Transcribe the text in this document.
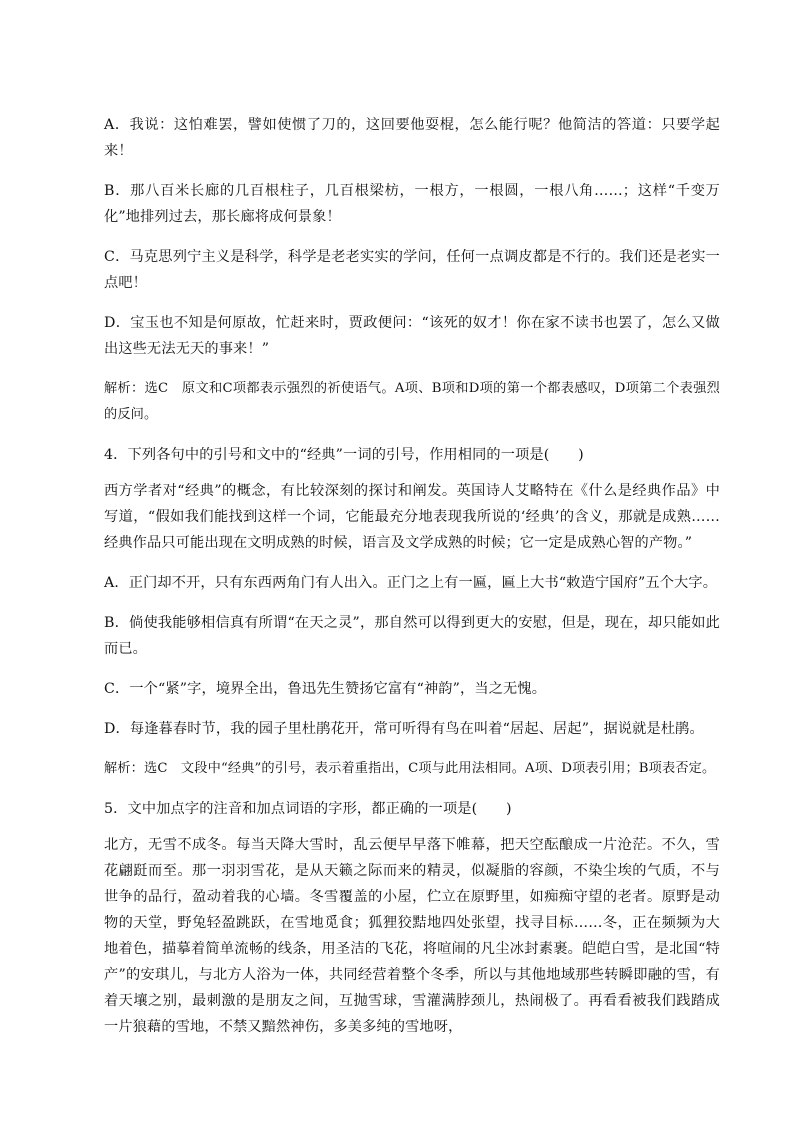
A．我说：这怕难罢，譬如使惯了刀的，这回要他耍棍，怎么能行呢？他简洁的答道：只要学起来！

B．那八百米长廊的几百根柱子，几百根梁枋，一根方，一根圆，一根八角……；这样“千变万化”地排列过去，那长廊将成何景象！

C．马克思列宁主义是科学，科学是老老实实的学问，任何一点调皮都是不行的。我们还是老实一点吧！

D．宝玉也不知是何原故，忙赶来时，贾政便问：“该死的奴才！你在家不读书也罢了，怎么又做出这些无法无天的事来！”

解析：选C　原文和C项都表示强烈的祈使语气。A项、B项和D项的第一个都表感叹，D项第二个表强烈的反问。

4．下列各句中的引号和文中的“经典”一词的引号，作用相同的一项是(　　)

西方学者对“经典”的概念，有比较深刻的探讨和阐发。英国诗人艾略特在《什么是经典作品》中写道，“假如我们能找到这样一个词，它能最充分地表现我所说的‘经典’的含义，那就是成熟……经典作品只可能出现在文明成熟的时候，语言及文学成熟的时候；它一定是成熟心智的产物。”

A．正门却不开，只有东西两角门有人出入。正门之上有一匾，匾上大书“敕造宁国府”五个大字。

B．倘使我能够相信真有所谓“在天之灵”，那自然可以得到更大的安慰，但是，现在，却只能如此而已。

C．一个“紧”字，境界全出，鲁迅先生赞扬它富有“神韵”，当之无愧。

D．每逢暮春时节，我的园子里杜鹃花开，常可听得有鸟在叫着“居起、居起”，据说就是杜鹃。

解析：选C　文段中“经典”的引号，表示着重指出，C项与此用法相同。A项、D项表引用；B项表否定。

5．文中加点字的注音和加点词语的字形，都正确的一项是(　　)

北方，无雪不成冬。每当天降大雪时，乱云便早早落下帷幕，把天空酝酿成一片沧茫。不久，雪花翩跹而至。那一羽羽雪花，是从天籁之际而来的精灵，似凝脂的容颜，不染尘埃的气质，不与世争的品行，盈动着我的心墙。冬雪覆盖的小屋，伫立在原野里，如痴痴守望的老者。原野是动物的天堂，野兔轻盈跳跃，在雪地觅食；狐狸狡黠地四处张望，找寻目标……冬，正在频频为大地着色，描摹着简单流畅的线条，用圣洁的飞花，将喧闹的凡尘冰封素裹。皑皑白雪，是北国“特产”的安琪儿，与北方人浴为一体，共同经营着整个冬季，所以与其他地域那些转瞬即融的雪，有着天壤之别，最刺激的是朋友之间，互抛雪球，雪灌满脖颈儿，热闹极了。再看看被我们践踏成一片狼藉的雪地，不禁又黯然神伤，多美多纯的雪地呀，
